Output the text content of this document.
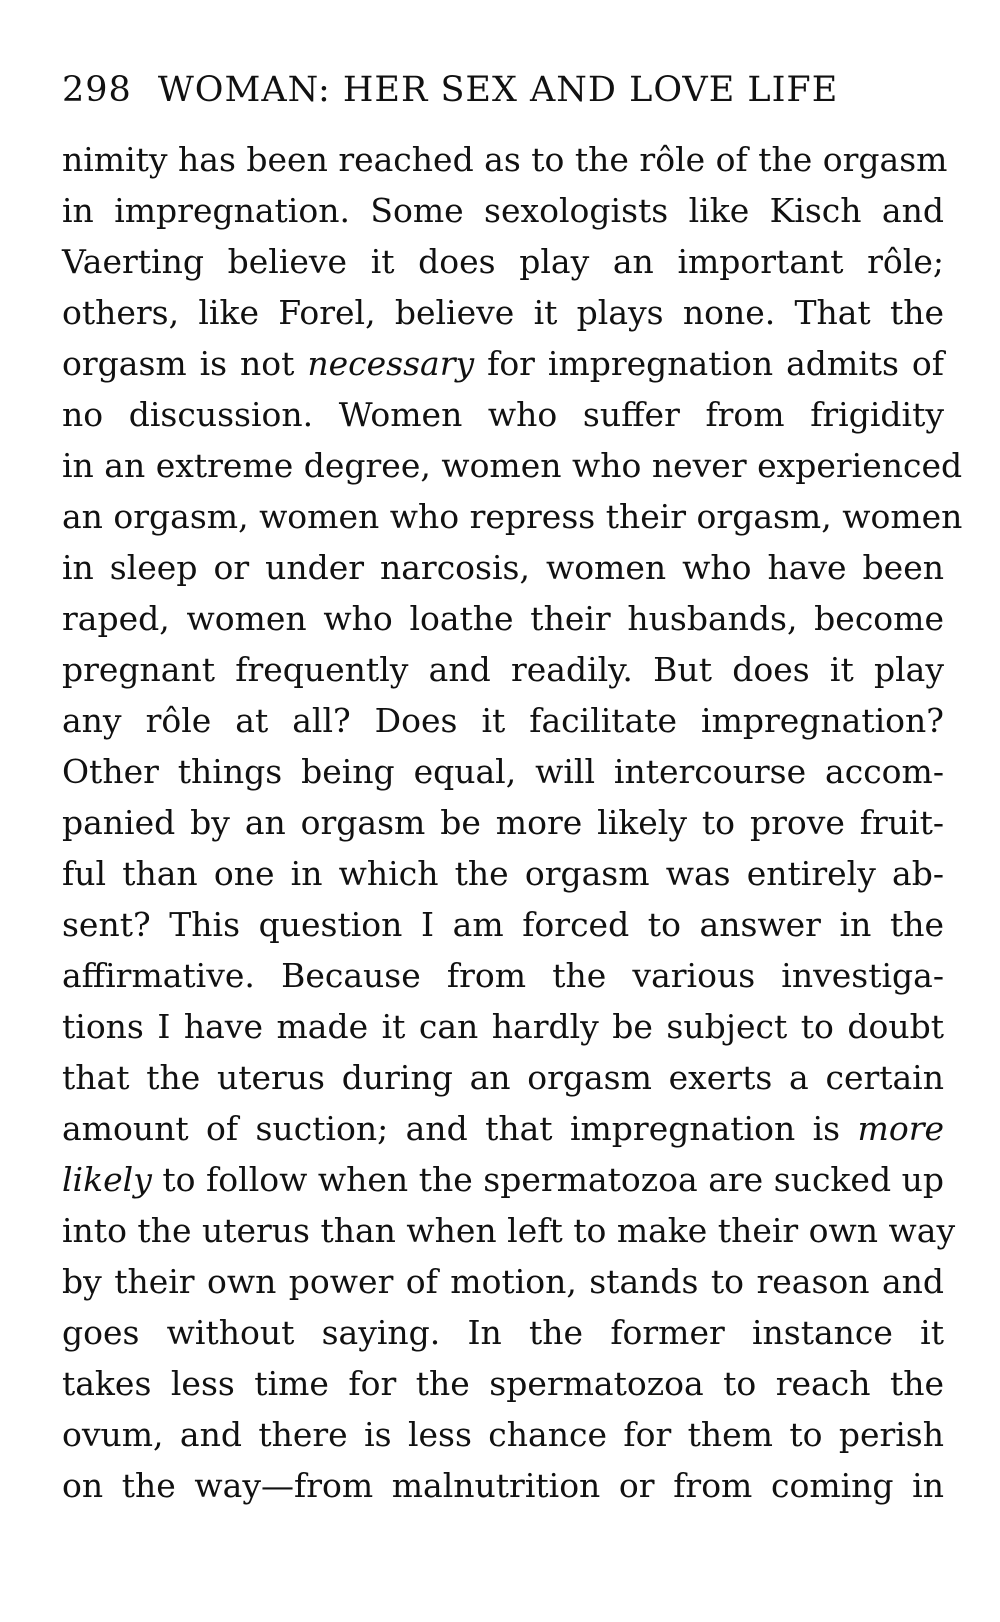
298 WOMAN: HER SEX AND LOVE LIFE
nimity has been reached as to the rôle of the orgasm
in impregnation. Some sexologists like Kisch and
Vaerting believe it does play an important rôle;
others, like Forel, believe it plays none. That the
orgasm is not necessary for impregnation admits of
no discussion. Women who suffer from frigidity
in an extreme degree, women who never experienced
an orgasm, women who repress their orgasm, women
in sleep or under narcosis, women who have been
raped, women who loathe their husbands, become
pregnant frequently and readily. But does it play
any rôle at all? Does it facilitate impregnation?
Other things being equal, will intercourse accom-
panied by an orgasm be more likely to prove fruit-
ful than one in which the orgasm was entirely ab-
sent? This question I am forced to answer in the
affirmative. Because from the various investiga-
tions I have made it can hardly be subject to doubt
that the uterus during an orgasm exerts a certain
amount of suction; and that impregnation is more
likely to follow when the spermatozoa are sucked up
into the uterus than when left to make their own way
by their own power of motion, stands to reason and
goes without saying. In the former instance it
takes less time for the spermatozoa to reach the
ovum, and there is less chance for them to perish
on the way—from malnutrition or from coming in
